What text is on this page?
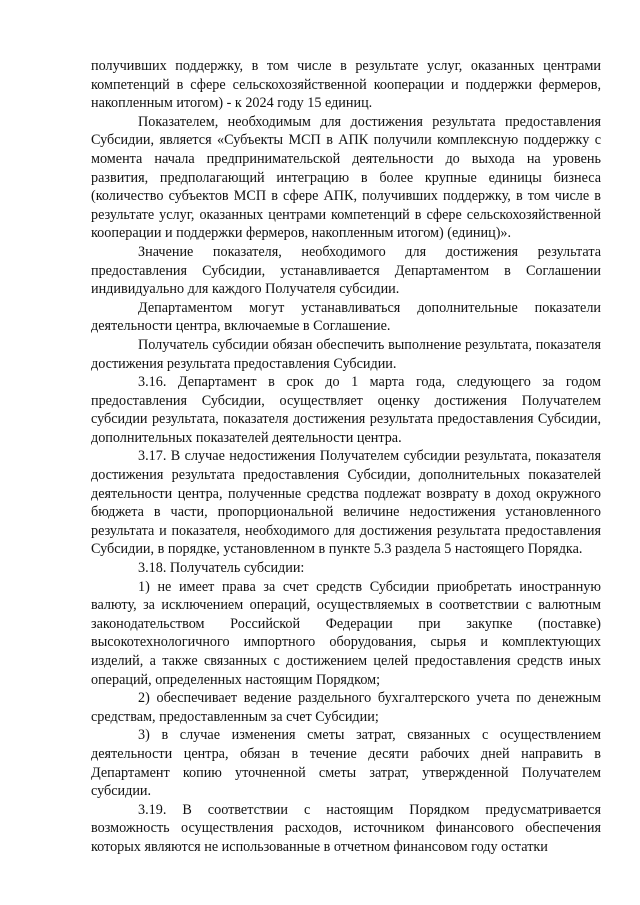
получивших поддержку, в том числе в результате услуг, оказанных центрами компетенций в сфере сельскохозяйственной кооперации и поддержки фермеров, накопленным итогом) - к 2024 году 15 единиц.

Показателем, необходимым для достижения результата предоставления Субсидии, является «Субъекты МСП в АПК получили комплексную поддержку с момента начала предпринимательской деятельности до выхода на уровень развития, предполагающий интеграцию в более крупные единицы бизнеса (количество субъектов МСП в сфере АПК, получивших поддержку, в том числе в результате услуг, оказанных центрами компетенций в сфере сельскохозяйственной кооперации и поддержки фермеров, накопленным итогом) (единиц)».

Значение показателя, необходимого для достижения результата предоставления Субсидии, устанавливается Департаментом в Соглашении индивидуально для каждого Получателя субсидии.

Департаментом могут устанавливаться дополнительные показатели деятельности центра, включаемые в Соглашение.

Получатель субсидии обязан обеспечить выполнение результата, показателя достижения результата предоставления Субсидии.

3.16. Департамент в срок до 1 марта года, следующего за годом предоставления Субсидии, осуществляет оценку достижения Получателем субсидии результата, показателя достижения результата предоставления Субсидии, дополнительных показателей деятельности центра.

3.17. В случае недостижения Получателем субсидии результата, показателя достижения результата предоставления Субсидии, дополнительных показателей деятельности центра, полученные средства подлежат возврату в доход окружного бюджета в части, пропорциональной величине недостижения установленного результата и показателя, необходимого для достижения результата предоставления Субсидии, в порядке, установленном в пункте 5.3 раздела 5 настоящего Порядка.

3.18. Получатель субсидии:

1) не имеет права за счет средств Субсидии приобретать иностранную валюту, за исключением операций, осуществляемых в соответствии с валютным законодательством Российской Федерации при закупке (поставке) высокотехнологичного импортного оборудования, сырья и комплектующих изделий, а также связанных с достижением целей предоставления средств иных операций, определенных настоящим Порядком;

2) обеспечивает ведение раздельного бухгалтерского учета по денежным средствам, предоставленным за счет Субсидии;

3) в случае изменения сметы затрат, связанных с осуществлением деятельности центра, обязан в течение десяти рабочих дней направить в Департамент копию уточненной сметы затрат, утвержденной Получателем субсидии.

3.19. В соответствии с настоящим Порядком предусматривается возможность осуществления расходов, источником финансового обеспечения которых являются не использованные в отчетном финансовом году остатки
